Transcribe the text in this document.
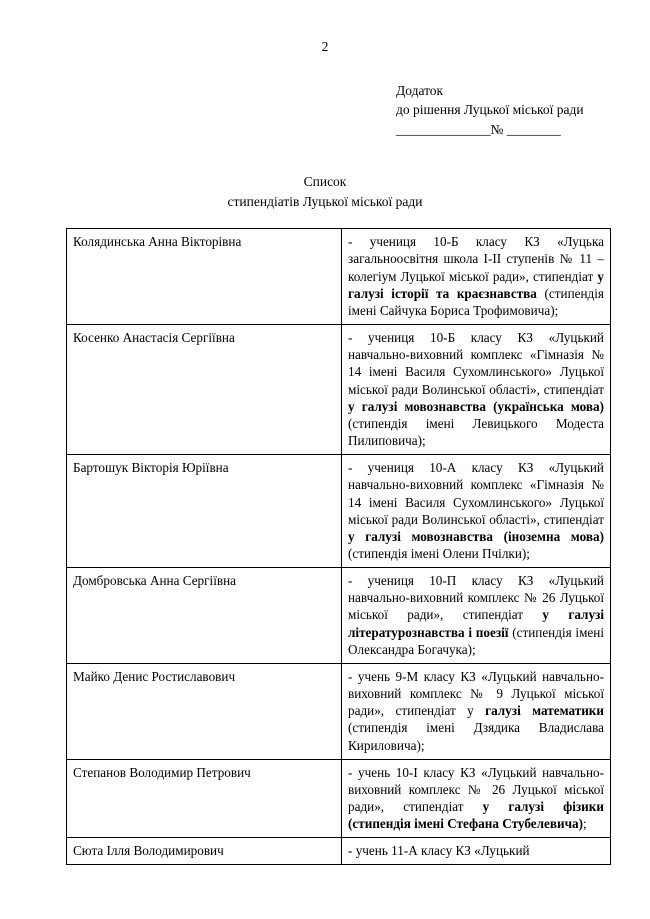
2
Додаток
до рішення Луцької міської ради
______________№ ________
Список
стипендіатів Луцької міської ради
Колядинська Анна Вікторівна	- учениця 10-Б класу КЗ «Луцька загальноосвітня школа І-ІІ ступенів № 11 – колегіум Луцької міської ради», стипендіат у галузі історії та краєзнавства (стипендія імені Сайчука Бориса Трофимовича);

Косенко Анастасія Сергіївна	- учениця 10-Б класу КЗ «Луцький навчально-виховний комплекс «Гімназія № 14 імені Василя Сухомлинського» Луцької міської ради Волинської області», стипендіат у галузі мовознавства (українська мова) (стипендія імені Левицького Модеста Пилиповича);

Бартошук Вікторія Юріївна	- учениця 10-А класу КЗ «Луцький навчально-виховний комплекс «Гімназія № 14 імені Василя Сухомлинського» Луцької міської ради Волинської області», стипендіат у галузі мовознавства (іноземна мова) (стипендія імені Олени Пчілки);

Домбровська Анна Сергіївна	- учениця 10-П класу КЗ «Луцький навчально-виховний комплекс № 26 Луцької міської ради», стипендіат у галузі літературознавства і поезії (стипендія імені Олександра Богачука);

Майко Денис Ростиславович	- учень 9-М класу КЗ «Луцький навчально-виховний комплекс № 9 Луцької міської ради», стипендіат у галузі математики (стипендія імені Дзядика Владислава Кириловича);

Степанов Володимир Петрович	- учень 10-І класу КЗ «Луцький навчально-виховний комплекс № 26 Луцької міської ради», стипендіат у галузі фізики (стипендія імені Стефана Стубелевича);

Сюта Ілля Володимирович	- учень 11-А класу КЗ «Луцький
